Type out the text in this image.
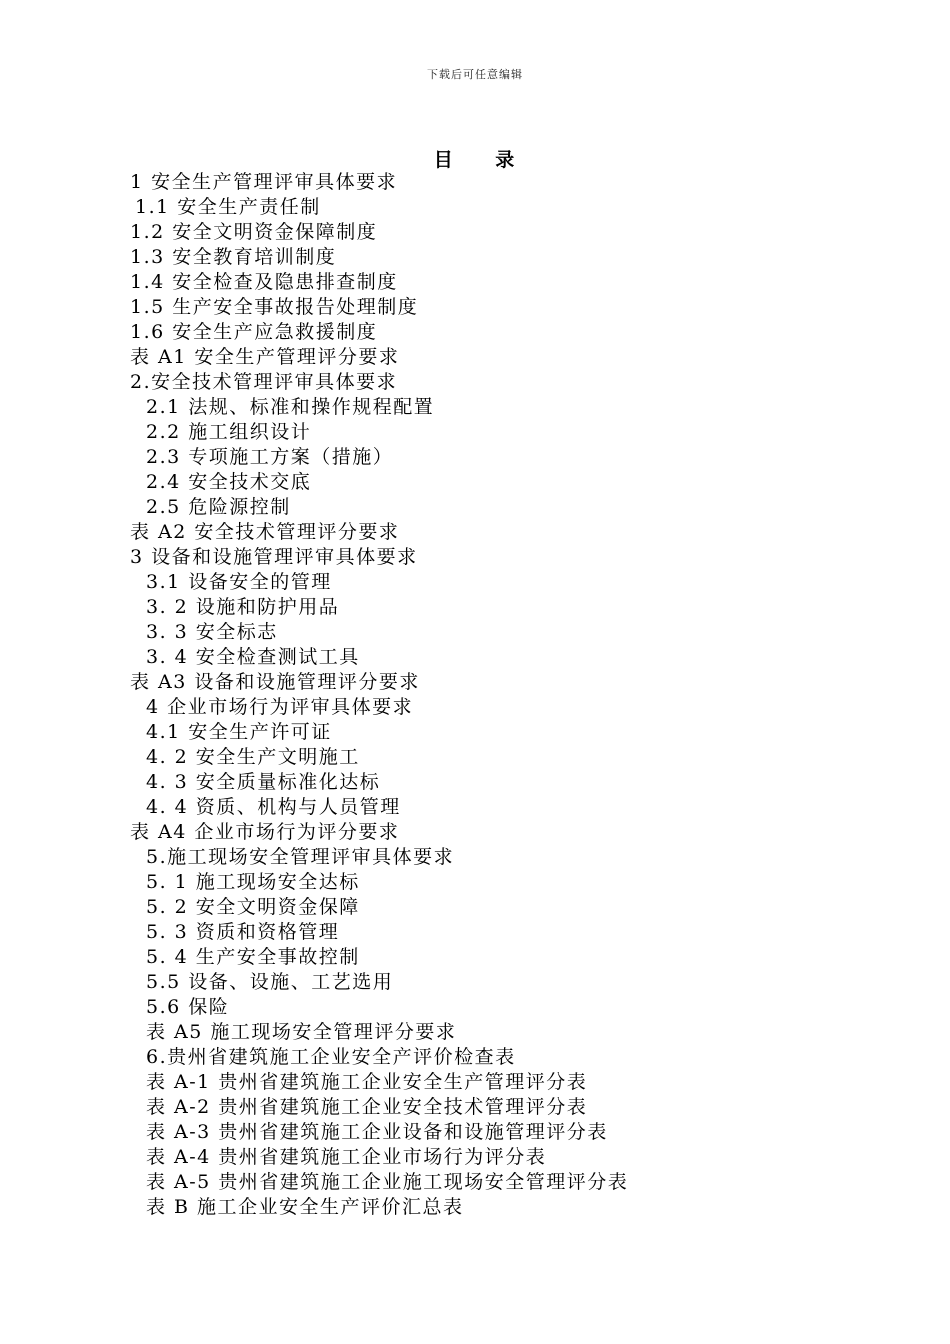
下载后可任意编辑
目 录
1 安全生产管理评审具体要求
1.1 安全生产责任制
1.2 安全文明资金保障制度
1.3 安全教育培训制度
1.4 安全检查及隐患排查制度
1.5 生产安全事故报告处理制度
1.6 安全生产应急救援制度
表 A1 安全生产管理评分要求
2.安全技术管理评审具体要求
2.1 法规、标准和操作规程配置
2.2 施工组织设计
2.3 专项施工方案（措施）
2.4 安全技术交底
2.5 危险源控制
表 A2 安全技术管理评分要求
3 设备和设施管理评审具体要求
3.1 设备安全的管理
3. 2 设施和防护用品
3. 3 安全标志
3. 4 安全检查测试工具
表 A3 设备和设施管理评分要求
4 企业市场行为评审具体要求
4.1 安全生产许可证
4. 2 安全生产文明施工
4. 3 安全质量标准化达标
4. 4 资质、机构与人员管理
表 A4 企业市场行为评分要求
5.施工现场安全管理评审具体要求
5. 1 施工现场安全达标
5. 2 安全文明资金保障
5. 3 资质和资格管理
5. 4 生产安全事故控制
5.5 设备、设施、工艺选用
5.6 保险
表 A5 施工现场安全管理评分要求
6.贵州省建筑施工企业安全产评价检查表
表 A-1 贵州省建筑施工企业安全生产管理评分表
表 A-2 贵州省建筑施工企业安全技术管理评分表
表 A-3 贵州省建筑施工企业设备和设施管理评分表
表 A-4 贵州省建筑施工企业市场行为评分表
表 A-5 贵州省建筑施工企业施工现场安全管理评分表
表 B 施工企业安全生产评价汇总表
